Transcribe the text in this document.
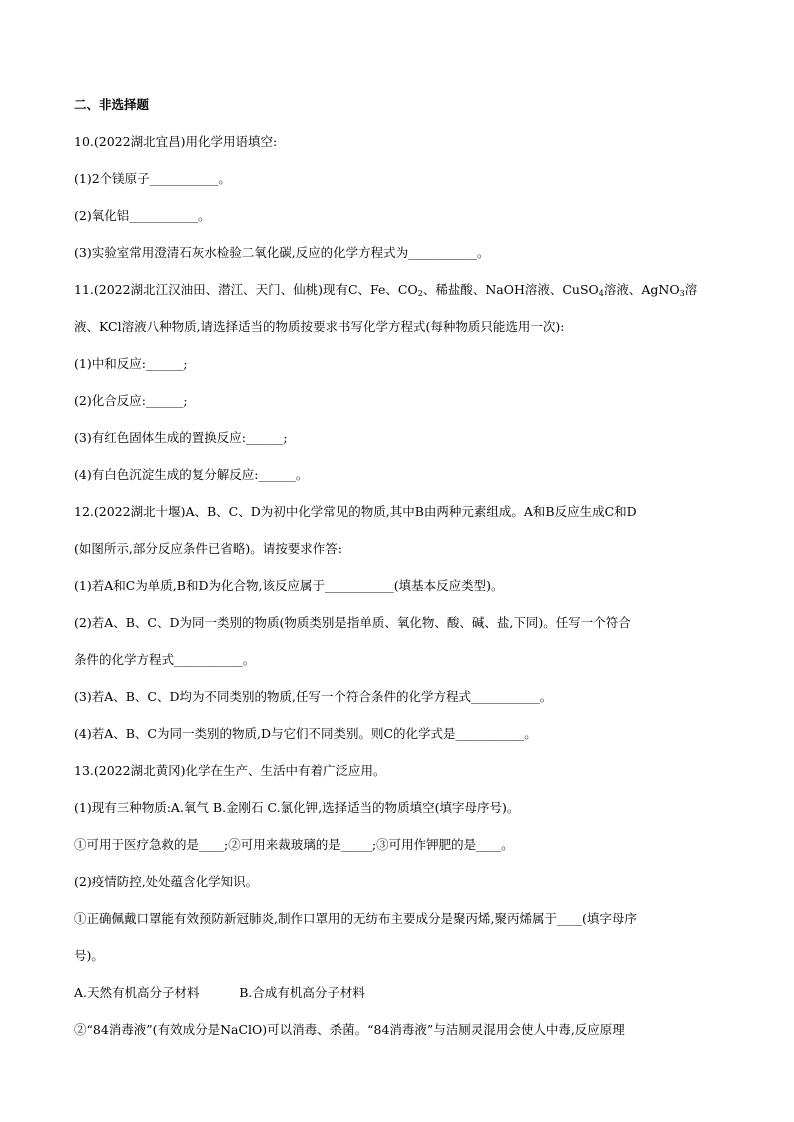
二、非选择题
10.(2022湖北宜昌)用化学用语填空:
(1)2个镁原子___________。
(2)氧化铝___________。
(3)实验室常用澄清石灰水检验二氧化碳,反应的化学方程式为___________。
11.(2022湖北江汉油田、潜江、天门、仙桃)现有C、Fe、$CO_2$、稀盐酸、NaOH溶液、CuSO$_4$溶液、AgNO$_3$溶
液、KCl溶液八种物质,请选择适当的物质按要求书写化学方程式(每种物质只能选用一次):
(1)中和反应:______;
(2)化合反应:______;
(3)有红色固体生成的置换反应:______;
(4)有白色沉淀生成的复分解反应:______。
12.(2022湖北十堰)A、B、C、D为初中化学常见的物质,其中B由两种元素组成。A和B反应生成C和D
(如图所示,部分反应条件已省略)。请按要求作答:
(1)若A和C为单质,B和D为化合物,该反应属于___________(填基本反应类型)。
(2)若A、B、C、D为同一类别的物质(物质类别是指单质、氧化物、酸、碱、盐,下同)。任写一个符合
条件的化学方程式___________。
(3)若A、B、C、D均为不同类别的物质,任写一个符合条件的化学方程式___________。
(4)若A、B、C为同一类别的物质,D与它们不同类别。则C的化学式是___________。
13.(2022湖北黄冈)化学在生产、生活中有着广泛应用。
(1)现有三种物质:A.氧气 B.金刚石 C.氯化钾,选择适当的物质填空(填字母序号)。
①可用于医疗急救的是____;②可用来裁玻璃的是_____;③可用作钾肥的是____。
(2)疫情防控,处处蕴含化学知识。
①正确佩戴口罩能有效预防新冠肺炎,制作口罩用的无纺布主要成分是聚丙烯,聚丙烯属于____(填字母序
号)。
A.天然有机高分子材料          B.合成有机高分子材料
②“84消毒液”(有效成分是NaClO)可以消毒、杀菌。“84消毒液”与洁厕灵混用会使人中毒,反应原理
